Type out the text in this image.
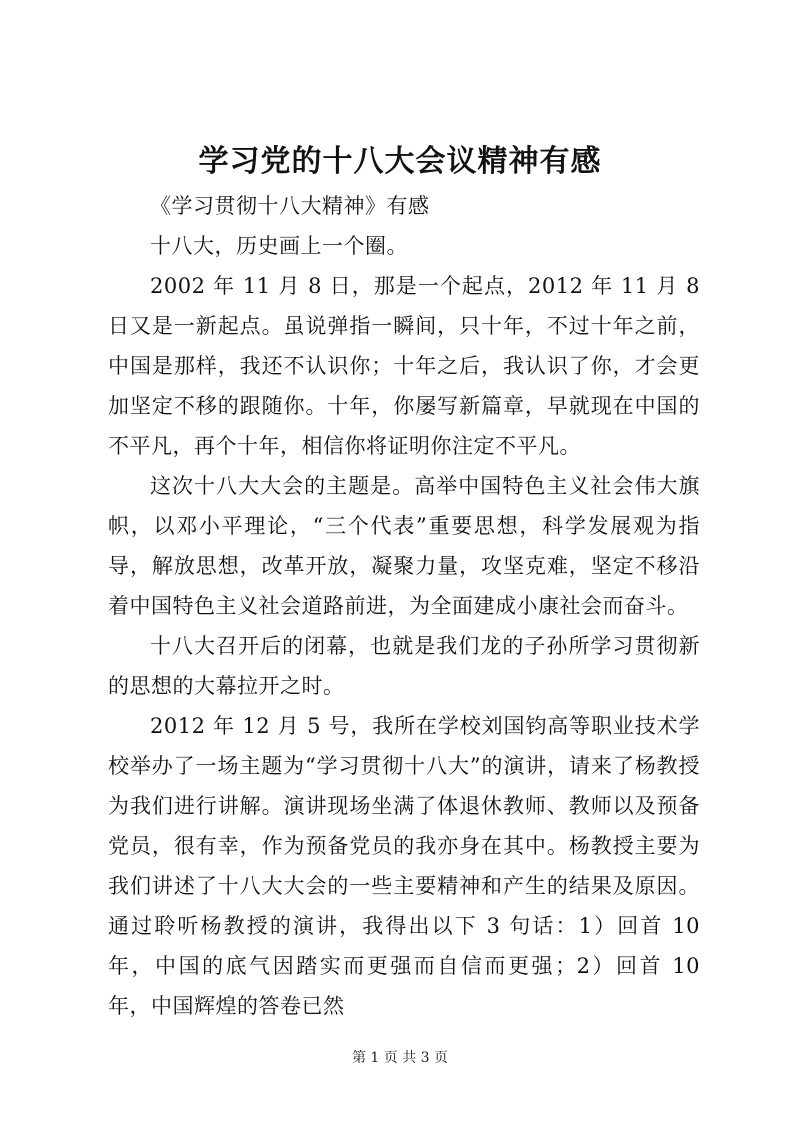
学习党的十八大会议精神有感

《学习贯彻十八大精神》有感

十八大，历史画上一个圈。

2002 年 11 月 8 日，那是一个起点，2012 年 11 月 8 日又是一新起点。虽说弹指一瞬间，只十年，不过十年之前，中国是那样，我还不认识你；十年之后，我认识了你，才会更加坚定不移的跟随你。十年，你屡写新篇章，早就现在中国的不平凡，再个十年，相信你将证明你注定不平凡。

这次十八大大会的主题是。高举中国特色主义社会伟大旗帜，以邓小平理论，“三个代表”重要思想，科学发展观为指导，解放思想，改革开放，凝聚力量，攻坚克难，坚定不移沿着中国特色主义社会道路前进，为全面建成小康社会而奋斗。

十八大召开后的闭幕，也就是我们龙的子孙所学习贯彻新的思想的大幕拉开之时。

2012 年 12 月 5 号，我所在学校刘国钧高等职业技术学校举办了一场主题为“学习贯彻十八大”的演讲，请来了杨教授为我们进行讲解。演讲现场坐满了体退休教师、教师以及预备党员，很有幸，作为预备党员的我亦身在其中。杨教授主要为我们讲述了十八大大会的一些主要精神和产生的结果及原因。通过聆听杨教授的演讲，我得出以下 3 句话：1）回首 10 年，中国的底气因踏实而更强而自信而更强；2）回首 10 年，中国辉煌的答卷已然

第 1 页 共 3 页
